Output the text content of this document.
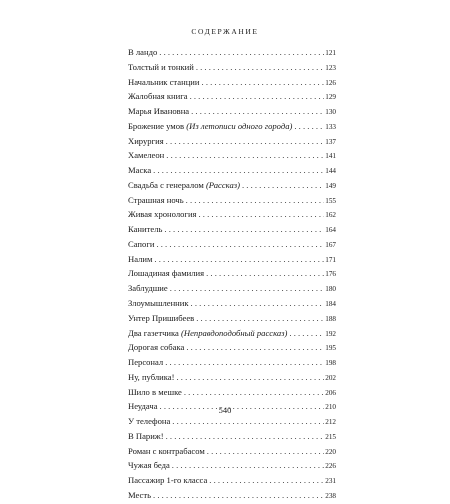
СОДЕРЖАНИЕ
В ландо . . .	121
Толстый и тонкий . . .	123
Начальник станции . . .	126
Жалобная книга . . .	129
Марья Ивановна . . .	130
Брожение умов (Из летописи одного города) . . .	133
Хирургия . . .	137
Хамелеон . . .	141
Маска . . .	144
Свадьба с генералом (Рассказ) . . .	149
Страшная ночь . . .	155
Живая хронология . . .	162
Канитель . . .	164
Сапоги . . .	167
Налим . . .	171
Лошадиная фамилия . . .	176
Заблудшие . . .	180
Злоумышленник . . .	184
Унтер Пришибеев . . .	188
Два газетчика (Неправдоподобный рассказ) . . .	192
Дорогая собака . . .	195
Персонал . . .	198
Ну, публика! . . .	202
Шило в мешке . . .	206
Неудача . . .	210
У телефона . . .	212
В Париж! . . .	215
Роман с контрабасом . . .	220
Чужая беда . . .	226
Пассажир 1-го класса . . .	231
Месть . . .	238
540
